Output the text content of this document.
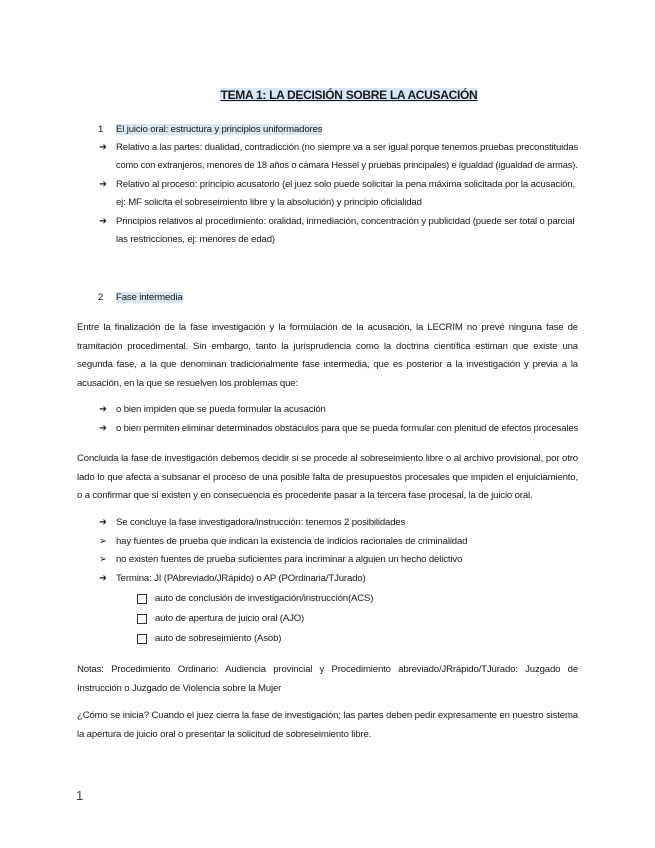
TEMA 1: LA DECISIÓN SOBRE LA ACUSACIÓN
1 El juicio oral: estructura y principios uniformadores
➔ Relativo a las partes: dualidad, contradicción (no siempre va a ser igual porque tenemos pruebas preconstituidas
como con extranjeros, menores de 18 años o cámara Hessel y pruebas principales) e igualdad (igualdad de armas).
➔ Relativo al proceso: principio acusatorio (el juez solo puede solicitar la pena máxima solicitada por la acusación,
ej: MF solicita el sobreseimiento libre y la absolución) y principio oficialidad
➔ Principios relativos al procedimiento: oralidad, inmediación, concentración y publicidad (puede ser total o parcial
las restricciones, ej: menores de edad)
2 Fase intermedia
Entre la finalización de la fase investigación y la formulación de la acusación, la LECRIM no prevé ninguna fase de tramitación procedimental. Sin embargo, tanto la jurisprudencia como la doctrina científica estiman que existe una segunda fase, a la que denominan tradicionalmente fase intermedia, que es posterior a la investigación y previa a la acusación, en la que se resuelven los problemas que:
➔ o bien impiden que se pueda formular la acusación
➔ o bien permiten eliminar determinados obstáculos para que se pueda formular con plenitud de efectos procesales
Concluida la fase de investigación debemos decidir si se procede al sobreseimiento libre o al archivo provisional, por otro lado lo que afecta a subsanar el proceso de una posible falta de presupuestos procesales que impiden el enjuiciamiento, o a confirmar que sí existen y en consecuencia es procedente pasar a la tercera fase procesal, la de juicio oral.
➔ Se concluye la fase investigadora/instrucción: tenemos 2 posibilidades
➢ hay fuentes de prueba que indican la existencia de indicios racionales de criminalidad
➢ no existen fuentes de prueba suficientes para incriminar a alguien un hecho delictivo
➔ Termina: JI (PAbreviado/JRápido) o AP (POrdinaria/TJurado)
auto de conclusión de investigación/instrucción(ACS)
auto de apertura de juicio oral (AJO)
auto de sobreseimiento (Asob)
Notas: Procedimiento Ordinario: Audiencia provincial y Procedimiento abreviado/JRrápido/TJurado: Juzgado de Instrucción o Juzgado de Violencia sobre la Mujer
¿Cómo se inicia? Cuando el juez cierra la fase de investigación; las partes deben pedir expresamente en nuestro sistema la apertura de juicio oral o presentar la solicitud de sobreseimiento libre.
1
